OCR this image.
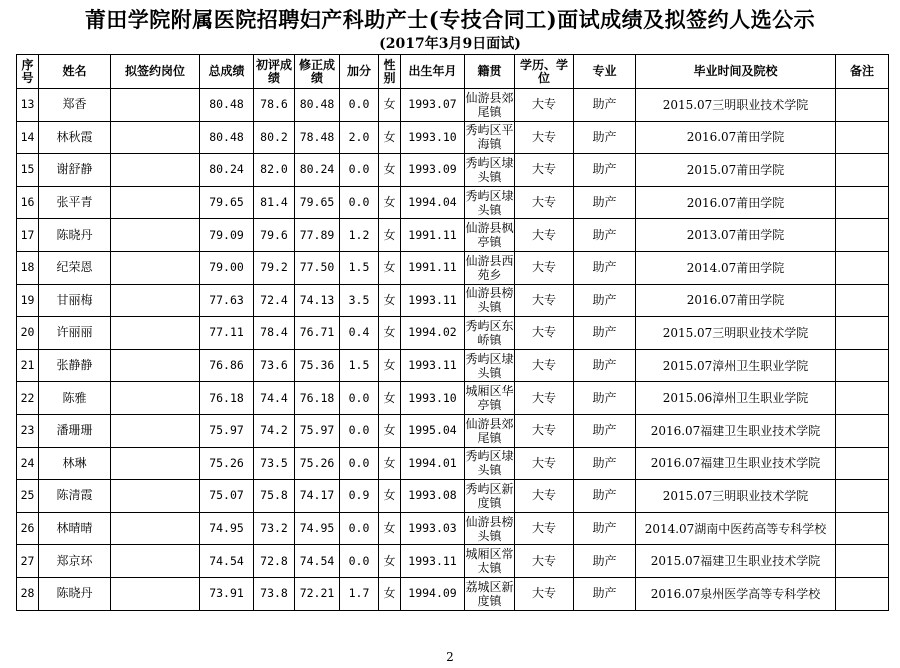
莆田学院附属医院招聘妇产科助产士(专技合同工)面试成绩及拟签约人选公示
(2017年3月9日面试)
序号	姓名	拟签约岗位	总成绩	初评成绩	修正成绩	加分	性别	出生年月	籍贯	学历、学位	专业	毕业时间及院校	备注
13	郑香		80.48	78.6	80.48	0.0	女	1993.07	仙游县郊尾镇	大专	助产	2015.07三明职业技术学院	
14	林秋霞		80.48	80.2	78.48	2.0	女	1993.10	秀屿区平海镇	大专	助产	2016.07莆田学院	
15	谢舒静		80.24	82.0	80.24	0.0	女	1993.09	秀屿区埭头镇	大专	助产	2015.07莆田学院	
16	张平青		79.65	81.4	79.65	0.0	女	1994.04	秀屿区埭头镇	大专	助产	2016.07莆田学院	
17	陈晓丹		79.09	79.6	77.89	1.2	女	1991.11	仙游县枫亭镇	大专	助产	2013.07莆田学院	
18	纪荣恩		79.00	79.2	77.50	1.5	女	1991.11	仙游县西苑乡	大专	助产	2014.07莆田学院	
19	甘丽梅		77.63	72.4	74.13	3.5	女	1993.11	仙游县榜头镇	大专	助产	2016.07莆田学院	
20	许丽丽		77.11	78.4	76.71	0.4	女	1994.02	秀屿区东峤镇	大专	助产	2015.07三明职业技术学院	
21	张静静		76.86	73.6	75.36	1.5	女	1993.11	秀屿区埭头镇	大专	助产	2015.07漳州卫生职业学院	
22	陈雅		76.18	74.4	76.18	0.0	女	1993.10	城厢区华亭镇	大专	助产	2015.06漳州卫生职业学院	
23	潘珊珊		75.97	74.2	75.97	0.0	女	1995.04	仙游县郊尾镇	大专	助产	2016.07福建卫生职业技术学院	
24	林琳		75.26	73.5	75.26	0.0	女	1994.01	秀屿区埭头镇	大专	助产	2016.07福建卫生职业技术学院	
25	陈清霞		75.07	75.8	74.17	0.9	女	1993.08	秀屿区新度镇	大专	助产	2015.07三明职业技术学院	
26	林晴晴		74.95	73.2	74.95	0.0	女	1993.03	仙游县榜头镇	大专	助产	2014.07湖南中医药高等专科学校	
27	郑京环		74.54	72.8	74.54	0.0	女	1993.11	城厢区常太镇	大专	助产	2015.07福建卫生职业技术学院	
28	陈晓丹		73.91	73.8	72.21	1.7	女	1994.09	荔城区新度镇	大专	助产	2016.07泉州医学高等专科学校	
2
